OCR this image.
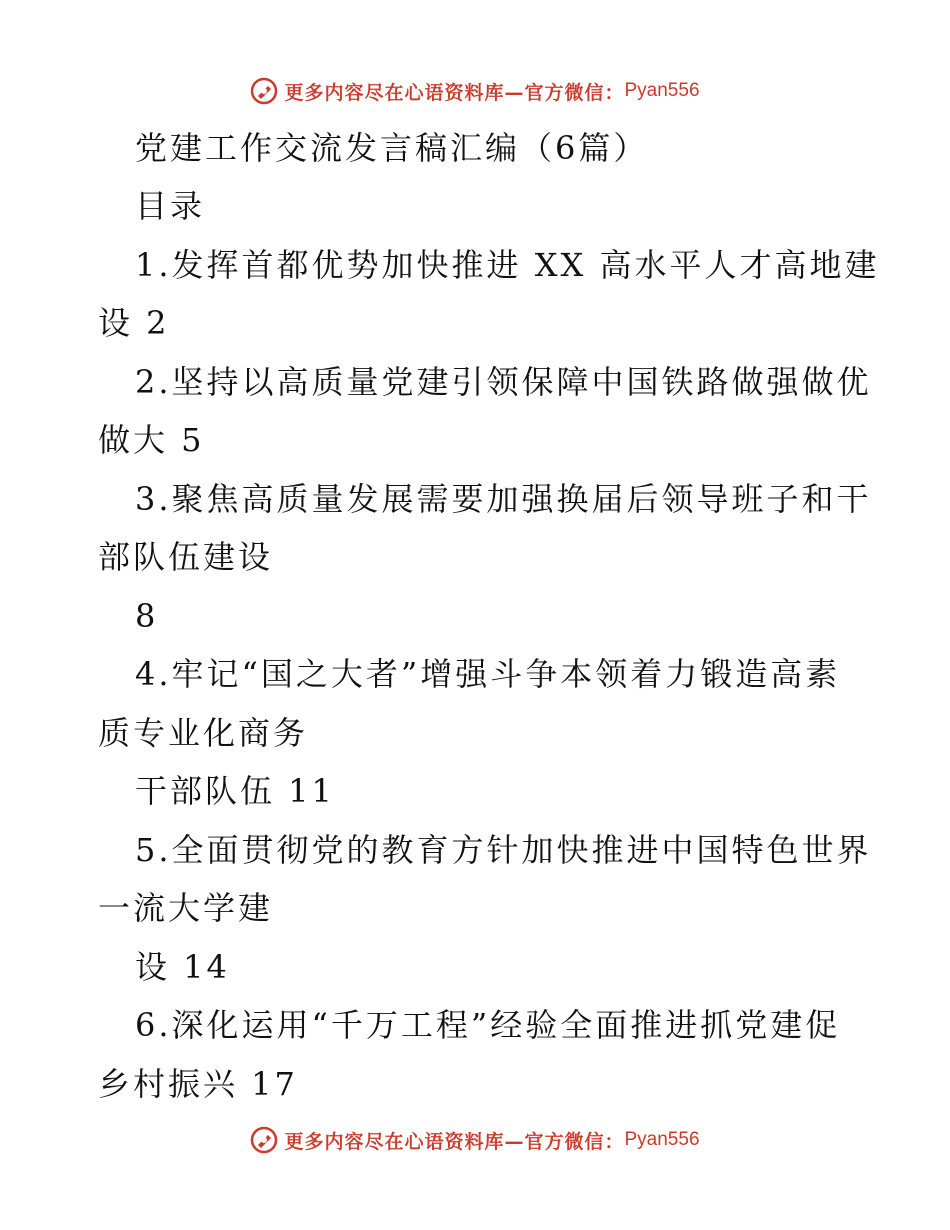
更多内容尽在心语资料库—官方微信： Pyan556
党建工作交流发言稿汇编（6篇）
目录
1.发挥首都优势加快推进 XX 高水平人才高地建
设 2
2.坚持以高质量党建引领保障中国铁路做强做优
做大 5
3.聚焦高质量发展需要加强换届后领导班子和干
部队伍建设
8
4.牢记“国之大者”增强斗争本领着力锻造高素
质专业化商务
干部队伍 11
5.全面贯彻党的教育方针加快推进中国特色世界
一流大学建
设 14
6.深化运用“千万工程”经验全面推进抓党建促
乡村振兴 17
更多内容尽在心语资料库—官方微信： Pyan556
